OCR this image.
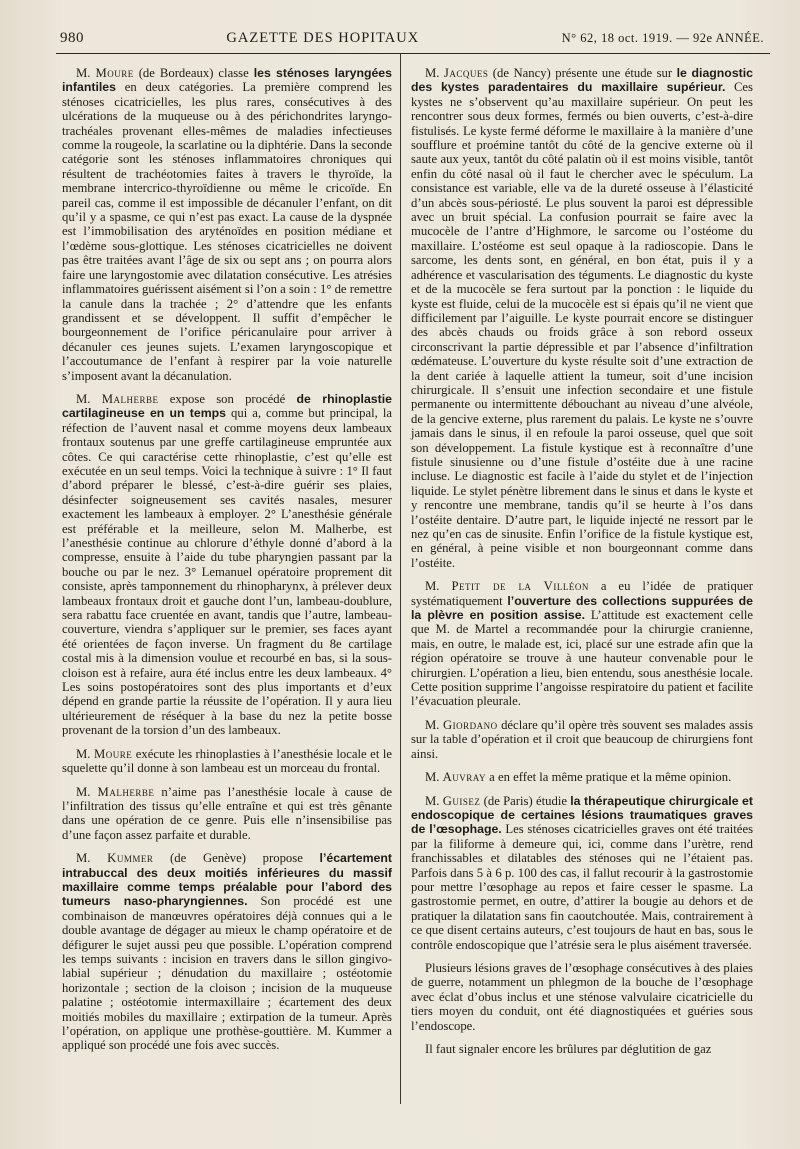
980	GAZETTE DES HOPITAUX	N° 62, 18 oct. 1919. — 92e ANNÉE.

M. Moure (de Bordeaux) classe les sténoses laryngées infantiles en deux catégories. La première comprend les sténoses cicatricielles, les plus rares, consécutives à des ulcérations de la muqueuse ou à des périchondrites laryngo-trachéales provenant elles-mêmes de maladies infectieuses comme la rougeole, la scarlatine ou la diphtérie. Dans la seconde catégorie sont les sténoses inflammatoires chroniques qui résultent de trachéotomies faites à travers le thyroïde, la membrane intercrico-thyroïdienne ou même le cricoïde. En pareil cas, comme il est impossible de décanuler l’enfant, on dit qu’il y a spasme, ce qui n’est pas exact. La cause de la dyspnée est l’immobilisation des aryténoïdes en position médiane et l’œdème sous-glottique. Les sténoses cicatricielles ne doivent pas être traitées avant l’âge de six ou sept ans ; on pourra alors faire une laryngostomie avec dilatation consécutive. Les atrésies inflammatoires guérissent aisément si l’on a soin : 1° de remettre la canule dans la trachée ; 2° d’attendre que les enfants grandissent et se développent. Il suffit d’empêcher le bourgeonnement de l’orifice péricanulaire pour arriver à décanuler ces jeunes sujets. L’examen laryngoscopique et l’accoutumance de l’enfant à respirer par la voie naturelle s’imposent avant la décanulation.

M. Malherbe expose son procédé de rhinoplastie cartilagineuse en un temps qui a, comme but principal, la réfection de l’auvent nasal et comme moyens deux lambeaux frontaux soutenus par une greffe cartilagineuse empruntée aux côtes. Ce qui caractérise cette rhinoplastie, c’est qu’elle est exécutée en un seul temps. Voici la technique à suivre : 1° Il faut d’abord préparer le blessé, c’est-à-dire guérir ses plaies, désinfecter soigneusement ses cavités nasales, mesurer exactement les lambeaux à employer. 2° L’anesthésie générale est préférable et la meilleure, selon M. Malherbe, est l’anesthésie continue au chlorure d’éthyle donné d’abord à la compresse, ensuite à l’aide du tube pharyngien passant par la bouche ou par le nez. 3° Lemanuel opératoire proprement dit consiste, après tamponnement du rhinopharynx, à prélever deux lambeaux frontaux droit et gauche dont l’un, lambeau-doublure, sera rabattu face cruentée en avant, tandis que l’autre, lambeau-couverture, viendra s’appliquer sur le premier, ses faces ayant été orientées de façon inverse. Un fragment du 8e cartilage costal mis à la dimension voulue et recourbé en bas, si la sous-cloison est à refaire, aura été inclus entre les deux lambeaux. 4° Les soins postopératoires sont des plus importants et d’eux dépend en grande partie la réussite de l’opération. Il y aura lieu ultérieurement de réséquer à la base du nez la petite bosse provenant de la torsion d’un des lambeaux.

M. Moure exécute les rhinoplasties à l’anesthésie locale et le squelette qu’il donne à son lambeau est un morceau du frontal.

M. Malherbe n’aime pas l’anesthésie locale à cause de l’infiltration des tissus qu’elle entraîne et qui est très gênante dans une opération de ce genre. Puis elle n’insensibilise pas d’une façon assez parfaite et durable.

M. Kummer (de Genève) propose l’écartement intrabuccal des deux moitiés inférieures du massif maxillaire comme temps préalable pour l’abord des tumeurs naso-pharyngiennes. Son procédé est une combinaison de manœuvres opératoires déjà connues qui a le double avantage de dégager au mieux le champ opératoire et de défigurer le sujet aussi peu que possible. L’opération comprend les temps suivants : incision en travers dans le sillon gingivo-labial supérieur ; dénudation du maxillaire ; ostéotomie horizontale ; section de la cloison ; incision de la muqueuse palatine ; ostéotomie intermaxillaire ; écartement des deux moitiés mobiles du maxillaire ; extirpation de la tumeur. Après l’opération, on applique une prothèse-gouttière. M. Kummer a appliqué son procédé une fois avec succès.

M. Jacques (de Nancy) présente une étude sur le diagnostic des kystes paradentaires du maxillaire supérieur. Ces kystes ne s’observent qu’au maxillaire supérieur. On peut les rencontrer sous deux formes, fermés ou bien ouverts, c’est-à-dire fistulisés. Le kyste fermé déforme le maxillaire à la manière d’une soufflure et proémine tantôt du côté de la gencive externe où il saute aux yeux, tantôt du côté palatin où il est moins visible, tantôt enfin du côté nasal où il faut le chercher avec le spéculum. La consistance est variable, elle va de la dureté osseuse à l’élasticité d’un abcès sous-périosté. Le plus souvent la paroi est dépressible avec un bruit spécial. La confusion pourrait se faire avec la mucocèle de l’antre d’Highmore, le sarcome ou l’ostéome du maxillaire. L’ostéome est seul opaque à la radioscopie. Dans le sarcome, les dents sont, en général, en bon état, puis il y a adhérence et vascularisation des téguments. Le diagnostic du kyste et de la mucocèle se fera surtout par la ponction : le liquide du kyste est fluide, celui de la mucocèle est si épais qu’il ne vient que difficilement par l’aiguille. Le kyste pourrait encore se distinguer des abcès chauds ou froids grâce à son rebord osseux circonscrivant la partie dépressible et par l’absence d’infiltration œdémateuse. L’ouverture du kyste résulte soit d’une extraction de la dent cariée à laquelle attient la tumeur, soit d’une incision chirurgicale. Il s’ensuit une infection secondaire et une fistule permanente ou intermittente débouchant au niveau d’une alvéole, de la gencive externe, plus rarement du palais. Le kyste ne s’ouvre jamais dans le sinus, il en refoule la paroi osseuse, quel que soit son développement. La fistule kystique est à reconnaître d’une fistule sinusienne ou d’une fistule d’ostéite due à une racine incluse. Le diagnostic est facile à l’aide du stylet et de l’injection liquide. Le stylet pénètre librement dans le sinus et dans le kyste et y rencontre une membrane, tandis qu’il se heurte à l’os dans l’ostéite dentaire. D’autre part, le liquide injecté ne ressort par le nez qu’en cas de sinusite. Enfin l’orifice de la fistule kystique est, en général, à peine visible et non bourgeonnant comme dans l’ostéite.

M. Petit de la Villéon a eu l’idée de pratiquer systématiquement l’ouverture des collections suppurées de la plèvre en position assise. L’attitude est exactement celle que M. de Martel a recommandée pour la chirurgie cranienne, mais, en outre, le malade est, ici, placé sur une estrade afin que la région opératoire se trouve à une hauteur convenable pour le chirurgien. L’opération a lieu, bien entendu, sous anesthésie locale. Cette position supprime l’angoisse respiratoire du patient et facilite l’évacuation pleurale.

M. Giordano déclare qu’il opère très souvent ses malades assis sur la table d’opération et il croit que beaucoup de chirurgiens font ainsi.

M. Auvray a en effet la même pratique et la même opinion.

M. Guisez (de Paris) étudie la thérapeutique chirurgicale et endoscopique de certaines lésions traumatiques graves de l’œsophage. Les sténoses cicatricielles graves ont été traitées par la filiforme à demeure qui, ici, comme dans l’urètre, rend franchissables et dilatables des sténoses qui ne l’étaient pas. Parfois dans 5 à 6 p. 100 des cas, il fallut recourir à la gastrostomie pour mettre l’œsophage au repos et faire cesser le spasme. La gastrostomie permet, en outre, d’attirer la bougie au dehors et de pratiquer la dilatation sans fin caoutchoutée. Mais, contrairement à ce que disent certains auteurs, c’est toujours de haut en bas, sous le contrôle endoscopique que l’atrésie sera le plus aisément traversée.

Plusieurs lésions graves de l’œsophage consécutives à des plaies de guerre, notamment un phlegmon de la bouche de l’œsophage avec éclat d’obus inclus et une sténose valvulaire cicatricielle du tiers moyen du conduit, ont été diagnostiquées et guéries sous l’endoscope.

Il faut signaler encore les brûlures par déglutition de gaz
